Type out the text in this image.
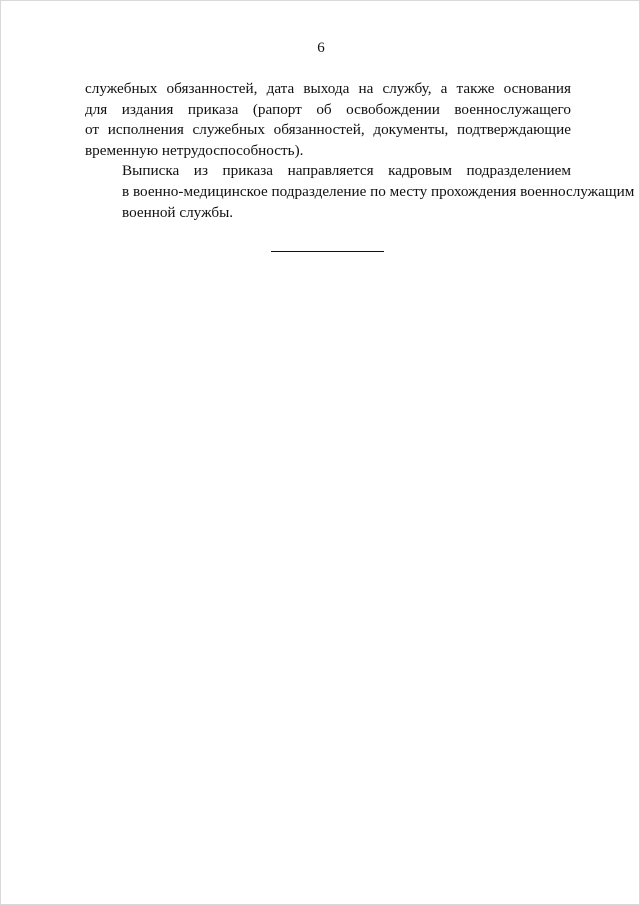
6

служебных обязанностей, дата выхода на службу, а также основания
для издания приказа (рапорт об освобождении военнослужащего
от исполнения служебных обязанностей, документы, подтверждающие
временную нетрудоспособность).

Выписка из приказа направляется кадровым подразделением
в военно-медицинское подразделение по месту прохождения военнослужащим
военной службы.
